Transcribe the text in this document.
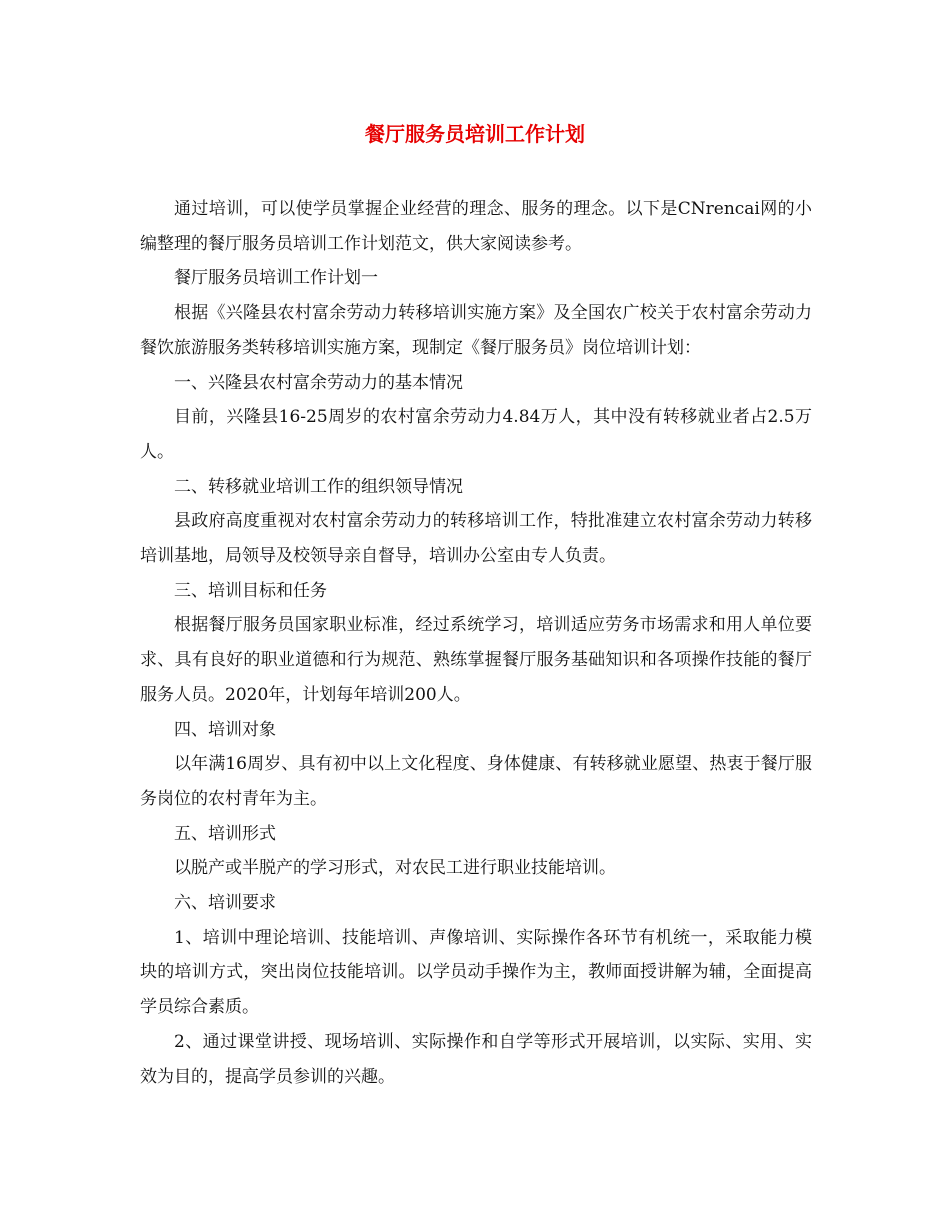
餐厅服务员培训工作计划

通过培训，可以使学员掌握企业经营的理念、服务的理念。以下是CNrencai网的小编整理的餐厅服务员培训工作计划范文，供大家阅读参考。

餐厅服务员培训工作计划一

根据《兴隆县农村富余劳动力转移培训实施方案》及全国农广校关于农村富余劳动力餐饮旅游服务类转移培训实施方案，现制定《餐厅服务员》岗位培训计划：

一、兴隆县农村富余劳动力的基本情况

目前，兴隆县16-25周岁的农村富余劳动力4.84万人，其中没有转移就业者占2.5万人。

二、转移就业培训工作的组织领导情况

县政府高度重视对农村富余劳动力的转移培训工作，特批准建立农村富余劳动力转移培训基地，局领导及校领导亲自督导，培训办公室由专人负责。

三、培训目标和任务

根据餐厅服务员国家职业标准，经过系统学习，培训适应劳务市场需求和用人单位要求、具有良好的职业道德和行为规范、熟练掌握餐厅服务基础知识和各项操作技能的餐厅服务人员。2020年，计划每年培训200人。

四、培训对象

以年满16周岁、具有初中以上文化程度、身体健康、有转移就业愿望、热衷于餐厅服务岗位的农村青年为主。

五、培训形式

以脱产或半脱产的学习形式，对农民工进行职业技能培训。

六、培训要求

1、培训中理论培训、技能培训、声像培训、实际操作各环节有机统一，采取能力模块的培训方式，突出岗位技能培训。以学员动手操作为主，教师面授讲解为辅，全面提高学员综合素质。

2、通过课堂讲授、现场培训、实际操作和自学等形式开展培训，以实际、实用、实效为目的，提高学员参训的兴趣。
